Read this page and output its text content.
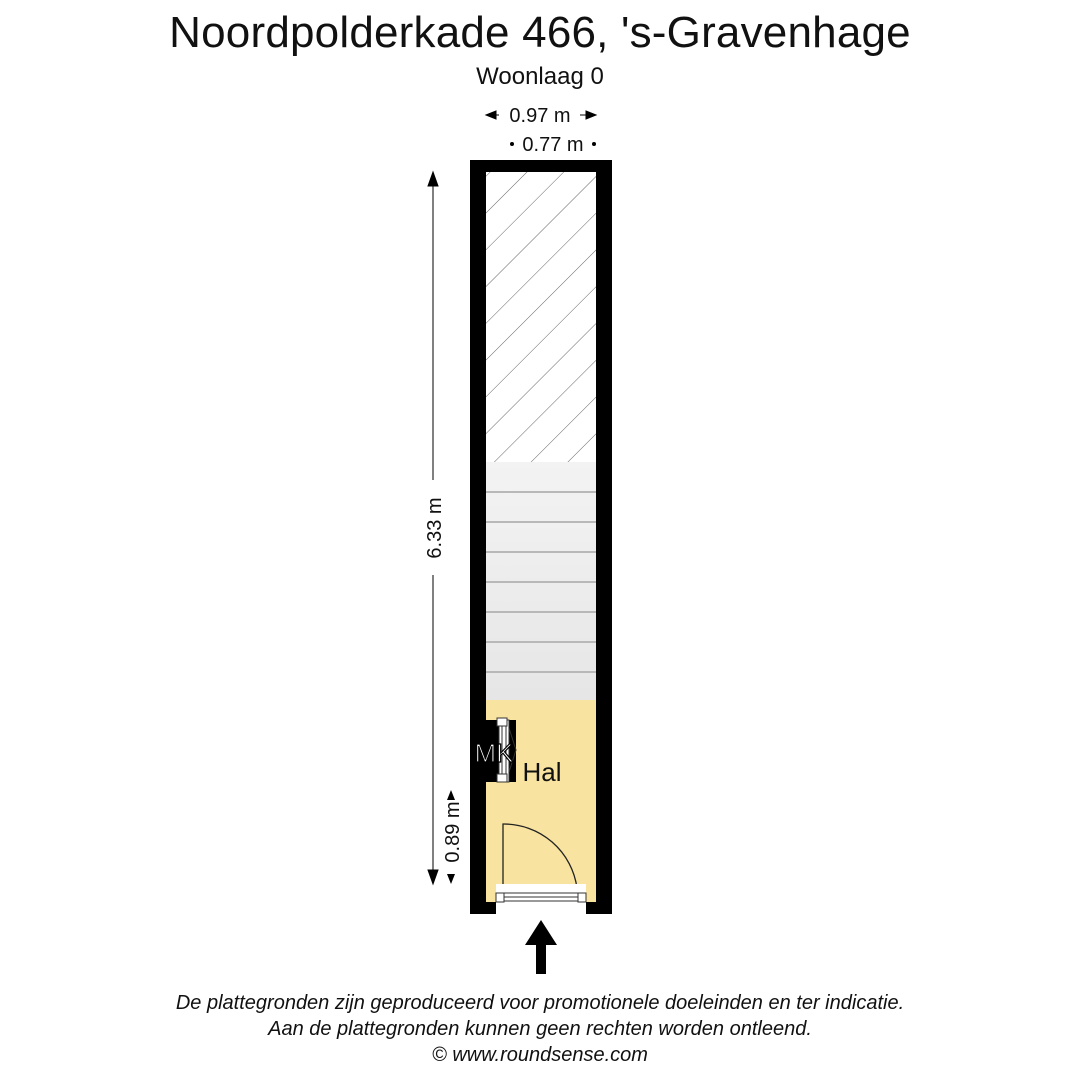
Noordpolderkade 466, 's-Gravenhage
Woonlaag 0
0.97 m
0.77 m
6.33 m
0.89 m
MK
Hal
De plattegronden zijn geproduceerd voor promotionele doeleinden en ter indicatie.
Aan de plattegronden kunnen geen rechten worden ontleend.
© www.roundsense.com
